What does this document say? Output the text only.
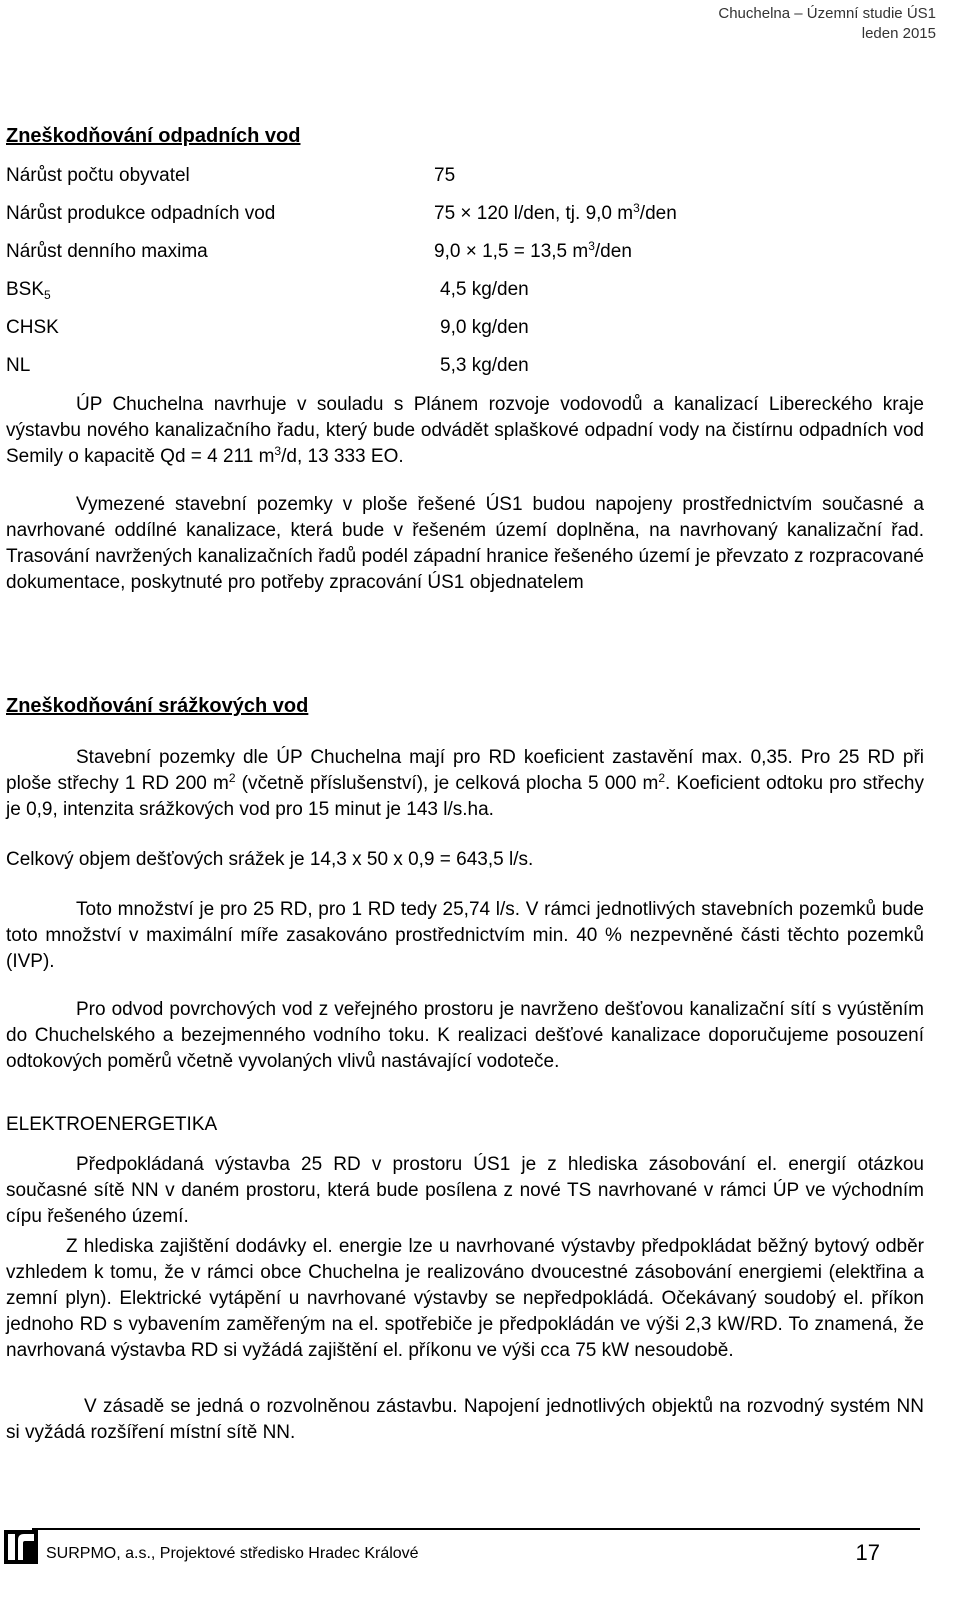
Chuchelna – Územní studie ÚS1
leden 2015
Zneškodňování odpadních vod
Nárůst počtu obyvatel	75
Nárůst produkce odpadních vod	75 × 120 l/den, tj. 9,0 $m^3$/den
Nárůst denního maxima	9,0 × 1,5 = 13,5 $m^3$/den
$BSK_5$	4,5 kg/den
CHSK	9,0 kg/den
NL	5,3 kg/den
ÚP Chuchelna navrhuje v souladu s Plánem rozvoje vodovodů a kanalizací Libereckého kraje výstavbu nového kanalizačního řadu, který bude odvádět splaškové odpadní vody na čistírnu odpadních vod Semily o kapacitě Qd = 4 211 $m^3/d$, 13 333 EO.
Vymezené stavební pozemky v ploše řešené ÚS1 budou napojeny prostřednictvím současné a navrhované oddílné kanalizace, která bude v řešeném území doplněna, na navrhovaný kanalizační řad. Trasování navržených kanalizačních řadů podél západní hranice řešeného území je převzato z rozpracované dokumentace, poskytnuté pro potřeby zpracování ÚS1 objednatelem
Zneškodňování srážkových vod
Stavební pozemky dle ÚP Chuchelna mají pro RD koeficient zastavění max. 0,35. Pro 25 RD při ploše střechy 1 RD 200 $m^2$ (včetně příslušenství), je celková plocha 5 000 $m^2$. Koeficient odtoku pro střechy je 0,9, intenzita srážkových vod pro 15 minut je 143 l/s.ha.
Celkový objem dešťových srážek je 14,3 x 50 x 0,9 = 643,5 l/s.
Toto množství je pro 25 RD, pro 1 RD tedy 25,74 l/s. V rámci jednotlivých stavebních pozemků bude toto množství v maximální míře zasakováno prostřednictvím min. 40 % nezpevněné části těchto pozemků (IVP).
Pro odvod povrchových vod z veřejného prostoru je navrženo dešťovou kanalizační sítí s vyústěním do Chuchelského a bezejmenného vodního toku. K realizaci dešťové kanalizace doporučujeme posouzení odtokových poměrů včetně vyvolaných vlivů nastávající vodoteče.
ELEKTROENERGETIKA
Předpokládaná výstavba 25 RD v prostoru ÚS1 je z hlediska zásobování el. energií otázkou současné sítě NN v daném prostoru, která bude posílena z nové TS navrhované v rámci ÚP ve východním cípu řešeného území.
Z hlediska zajištění dodávky el. energie lze u navrhované výstavby předpokládat běžný bytový odběr vzhledem k tomu, že v rámci obce Chuchelna je realizováno dvoucestné zásobování energiemi (elektřina a zemní plyn). Elektrické vytápění u navrhované výstavby se nepředpokládá. Očekávaný soudobý el. příkon jednoho RD s vybavením zaměřeným na el. spotřebiče je předpokládán ve výši 2,3 kW/RD. To znamená, že navrhovaná výstavba RD si vyžádá zajištění el. příkonu ve výši cca 75 kW nesoudobě.
V zásadě se jedná o rozvolněnou zástavbu. Napojení jednotlivých objektů na rozvodný systém NN si vyžádá rozšíření místní sítě NN.
SURPMO, a.s., Projektové středisko Hradec Králové	17
